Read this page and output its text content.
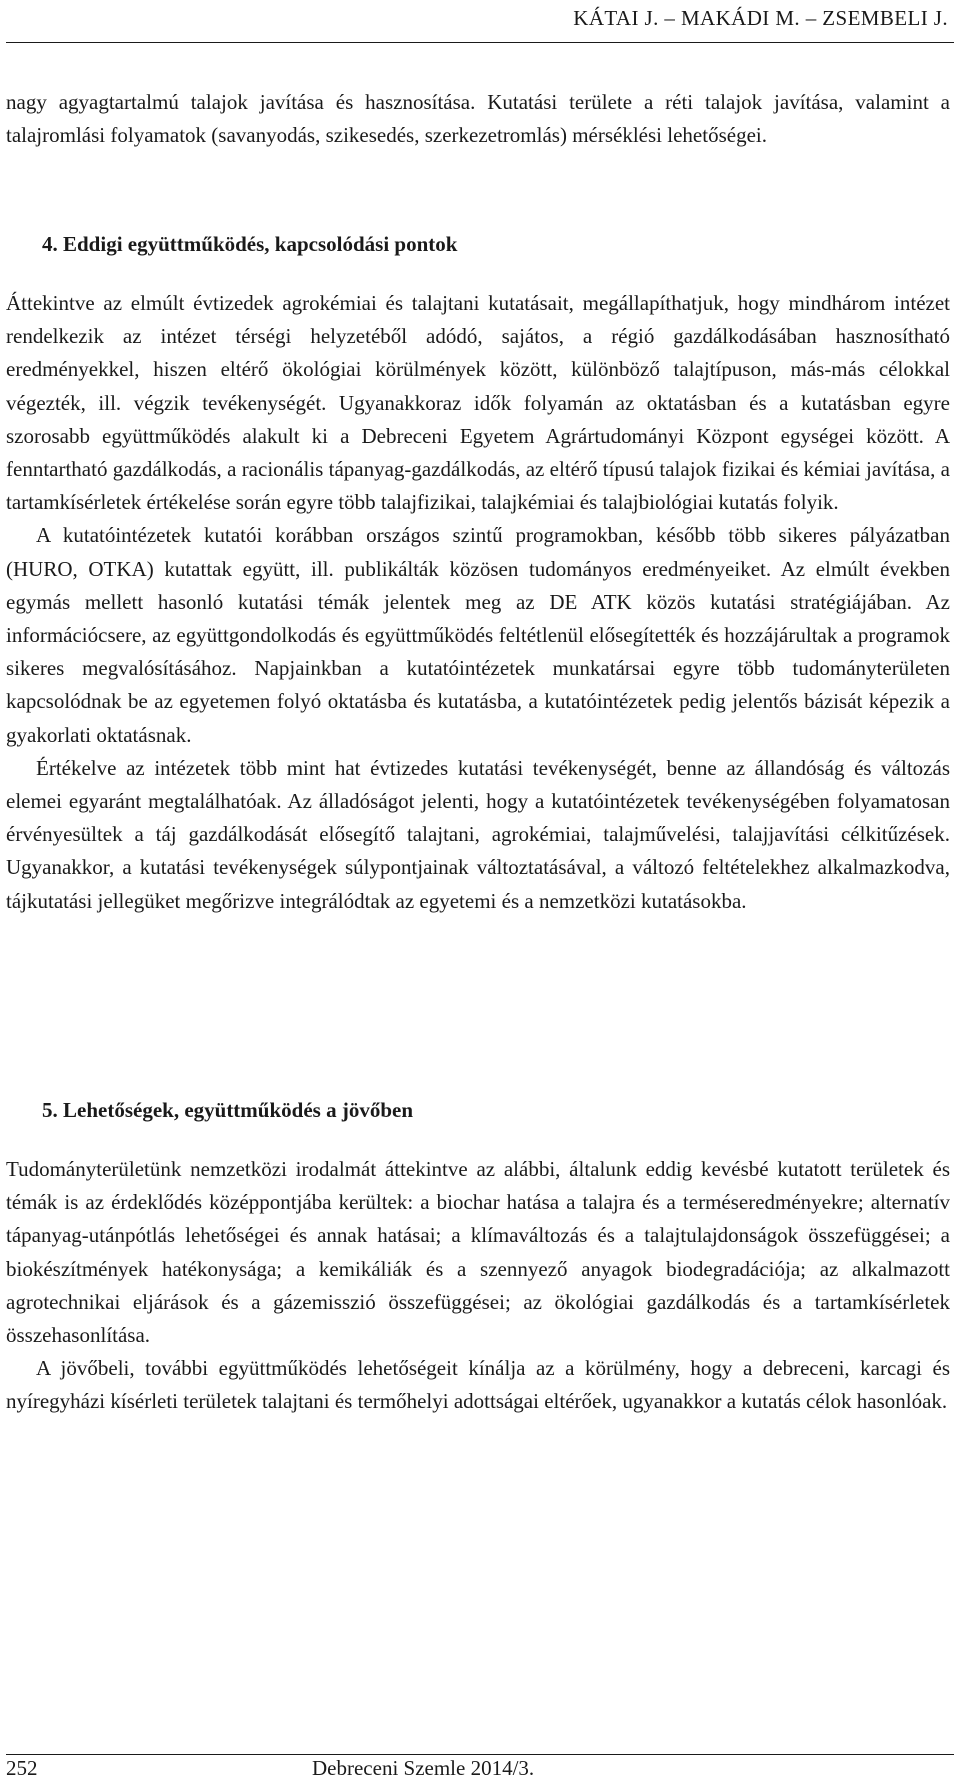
KÁTAI J. – MAKÁDI M. – ZSEMBELI J.

nagy agyagtartalmú talajok javítása és hasznosítása. Kutatási területe a réti talajok javítása, valamint a talajromlási folyamatok (savanyodás, szikesedés, szerkezetromlás) mérséklési lehetőségei.

4. Eddigi együttműködés, kapcsolódási pontok

Áttekintve az elmúlt évtizedek agrokémiai és talajtani kutatásait, megállapíthatjuk, hogy mindhárom intézet rendelkezik az intézet térségi helyzetéből adódó, sajátos, a régió gazdálkodásában hasznosítható eredményekkel, hiszen eltérő ökológiai körülmények között, különböző talajtípuson, más-más célokkal végezték, ill. végzik tevékenységét. Ugyanakkoraz idők folyamán az oktatásban és a kutatásban egyre szorosabb együttműködés alakult ki a Debreceni Egyetem Agrártudományi Központ egységei között. A fenntartható gazdálkodás, a racionális tápanyag-gazdálkodás, az eltérő típusú talajok fizikai és kémiai javítása, a tartamkísérletek értékelése során egyre több talajfizikai, talajkémiai és talajbiológiai kutatás folyik.

A kutatóintézetek kutatói korábban országos szintű programokban, később több sikeres pályázatban (HURO, OTKA) kutattak együtt, ill. publikálták közösen tudományos eredményeiket. Az elmúlt években egymás mellett hasonló kutatási témák jelentek meg az DE ATK közös kutatási stratégiájában. Az információcsere, az együttgondolkodás és együttműködés feltétlenül elősegítették és hozzájárultak a programok sikeres megvalósításához. Napjainkban a kutatóintézetek munkatársai egyre több tudományterületen kapcsolódnak be az egyetemen folyó oktatásba és kutatásba, a kutatóintézetek pedig jelentős bázisát képezik a gyakorlati oktatásnak.

Értékelve az intézetek több mint hat évtizedes kutatási tevékenységét, benne az állandóság és változás elemei egyaránt megtalálhatóak. Az álladóságot jelenti, hogy a kutatóintézetek tevékenységében folyamatosan érvényesültek a táj gazdálkodását elősegítő talajtani, agrokémiai, talajművelési, talajjavítási célkitűzések. Ugyanakkor, a kutatási tevékenységek súlypontjainak változtatásával, a változó feltételekhez alkalmazkodva, tájkutatási jellegüket megőrizve integrálódtak az egyetemi és a nemzetközi kutatásokba.

5. Lehetőségek, együttműködés a jövőben

Tudományterületünk nemzetközi irodalmát áttekintve az alábbi, általunk eddig kevésbé kutatott területek és témák is az érdeklődés középpontjába kerültek: a biochar hatása a talajra és a terméseredményekre; alternatív tápanyag-utánpótlás lehetőségei és annak hatásai; a klímaváltozás és a talajtulajdonságok összefüggései; a biokészítmények hatékonysága; a kemikáliák és a szennyező anyagok biodegradációja; az alkalmazott agrotechnikai eljárások és a gázemisszió összefüggései; az ökológiai gazdálkodás és a tartamkísérletek összehasonlítása.

A jövőbeli, további együttműködés lehetőségeit kínálja az a körülmény, hogy a debreceni, karcagi és nyíregyházi kísérleti területek talajtani és termőhelyi adottságai eltérőek, ugyanakkor a kutatás célok hasonlóak.

252	Debreceni Szemle 2014/3.
